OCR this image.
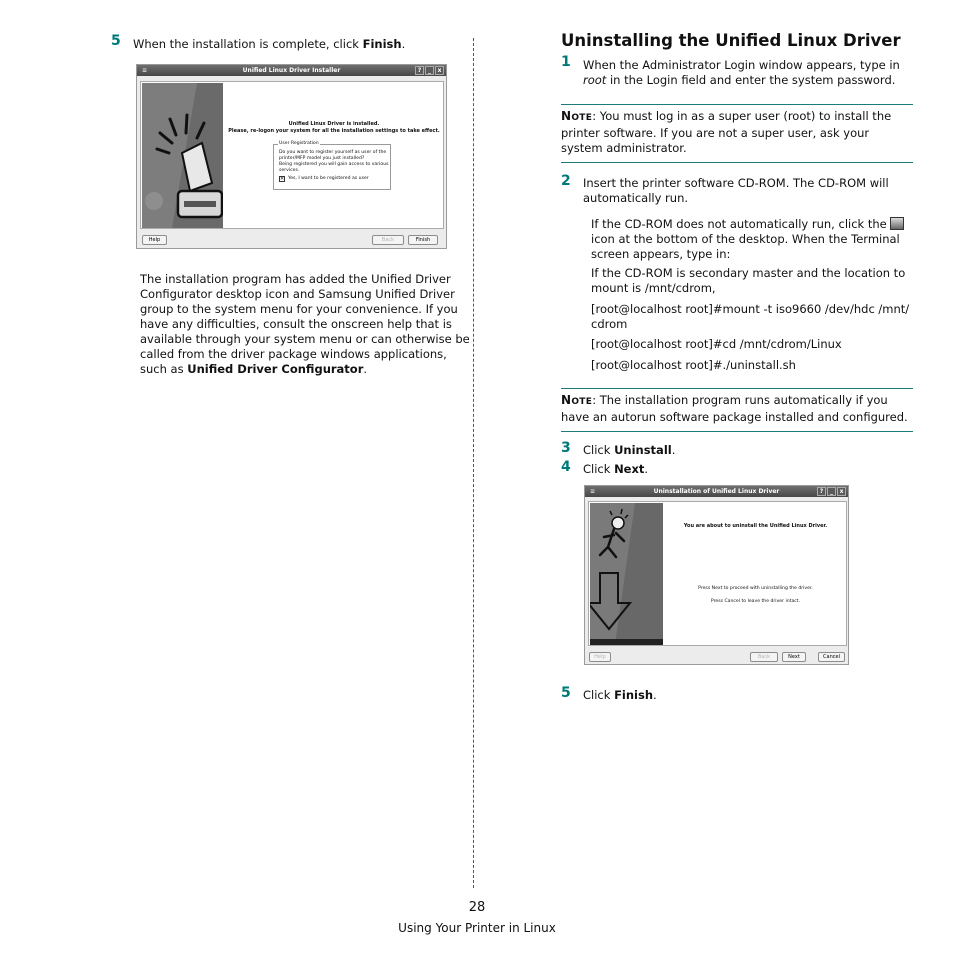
5 When the installation is complete, click Finish.
≡	Unified Linux Driver Installer	?	_	x
Unified Linux Driver is installed.
Please, re-logon your system for all the installation settings to take effect.
User Registration
Do you want to register yourself as user of the
printer/MFP model you just installed?
Being registered you will gain access to various
services.
✕ Yes, I want to be registered as user
Help	Back	Finish
The installation program has added the Unified Driver
Configurator desktop icon and Samsung Unified Driver
group to the system menu for your convenience. If you
have any difficulties, consult the onscreen help that is
available through your system menu or can otherwise be
called from the driver package windows applications,
such as Unified Driver Configurator.
Uninstalling the Unified Linux Driver
1 When the Administrator Login window appears, type in
root in the Login field and enter the system password.
NOTE: You must log in as a super user (root) to install the printer software. If you are not a super user, ask your system administrator.
2 Insert the printer software CD-ROM. The CD-ROM will
automatically run.
If the CD-ROM does not automatically run, click the
icon at the bottom of the desktop. When the Terminal
screen appears, type in:
If the CD-ROM is secondary master and the location to
mount is /mnt/cdrom,
[root@localhost root]#mount -t iso9660 /dev/hdc /mnt/
cdrom
[root@localhost root]#cd /mnt/cdrom/Linux
[root@localhost root]#./uninstall.sh
NOTE: The installation program runs automatically if you have an autorun software package installed and configured.
3 Click Uninstall.
4 Click Next.
≡	Uninstallation of Unified Linux Driver	?	_	x
You are about to uninstall the Unified Linux Driver.
Press Next to proceed with uninstalling the driver.
Press Cancel to leave the driver intact.
Help	Back	Next	Cancel
5 Click Finish.
28
Using Your Printer in Linux
